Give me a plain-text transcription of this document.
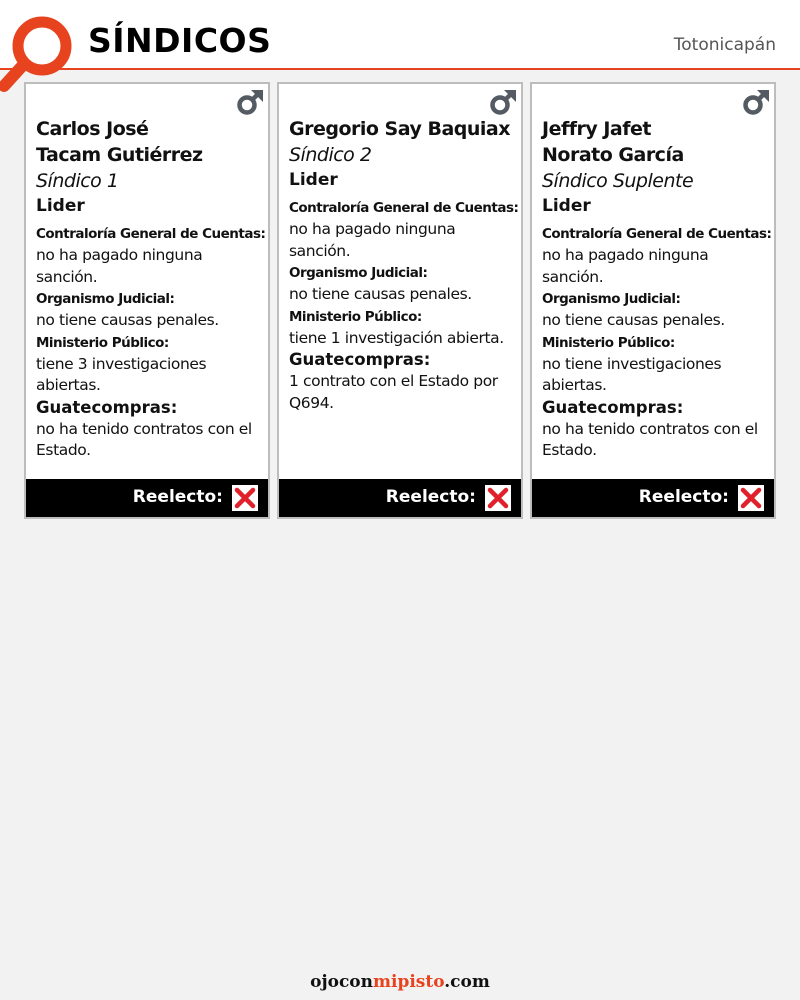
SÍNDICOS	Totonicapán
Carlos José
Tacam Gutiérrez
Síndico 1
Lider
Contraloría General de Cuentas:
no ha pagado ninguna sanción.
Organismo Judicial:
no tiene causas penales.
Ministerio Público:
tiene 3 investigaciones abiertas.
Guatecompras:
no ha tenido contratos con el Estado.
Reelecto:
Gregorio Say Baquiax
Síndico 2
Lider
Contraloría General de Cuentas:
no ha pagado ninguna sanción.
Organismo Judicial:
no tiene causas penales.
Ministerio Público:
tiene 1 investigación abierta.
Guatecompras:
1 contrato con el Estado por Q694.
Reelecto:
Jeffry Jafet
Norato García
Síndico Suplente
Lider
Contraloría General de Cuentas:
no ha pagado ninguna sanción.
Organismo Judicial:
no tiene causas penales.
Ministerio Público:
no tiene investigaciones abiertas.
Guatecompras:
no ha tenido contratos con el Estado.
Reelecto:
ojoconmipisto.com
